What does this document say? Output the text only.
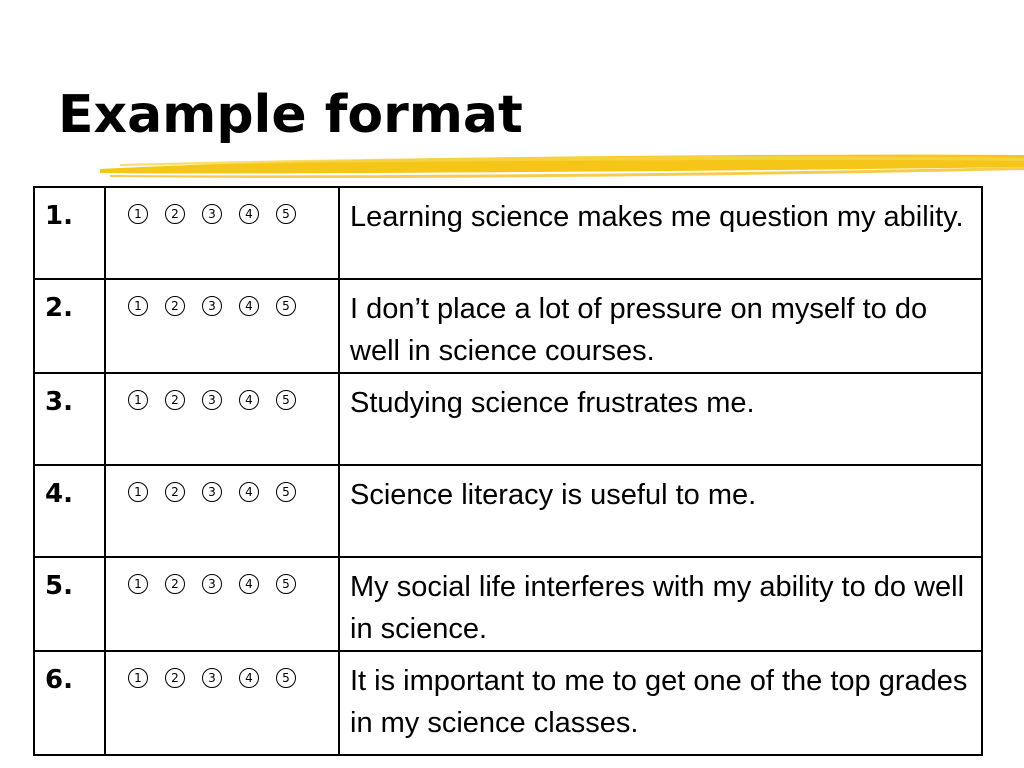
Example format
1.	1 2 3 4 5	Learning science makes me question my ability.

2.	1 2 3 4 5	I don’t place a lot of pressure on myself to do well in science courses.

3.	1 2 3 4 5	Studying science frustrates me.

4.	1 2 3 4 5	Science literacy is useful to me.

5.	1 2 3 4 5	My social life interferes with my ability to do well in science.

6.	1 2 3 4 5	It is important to me to get one of the top grades in my science classes.
